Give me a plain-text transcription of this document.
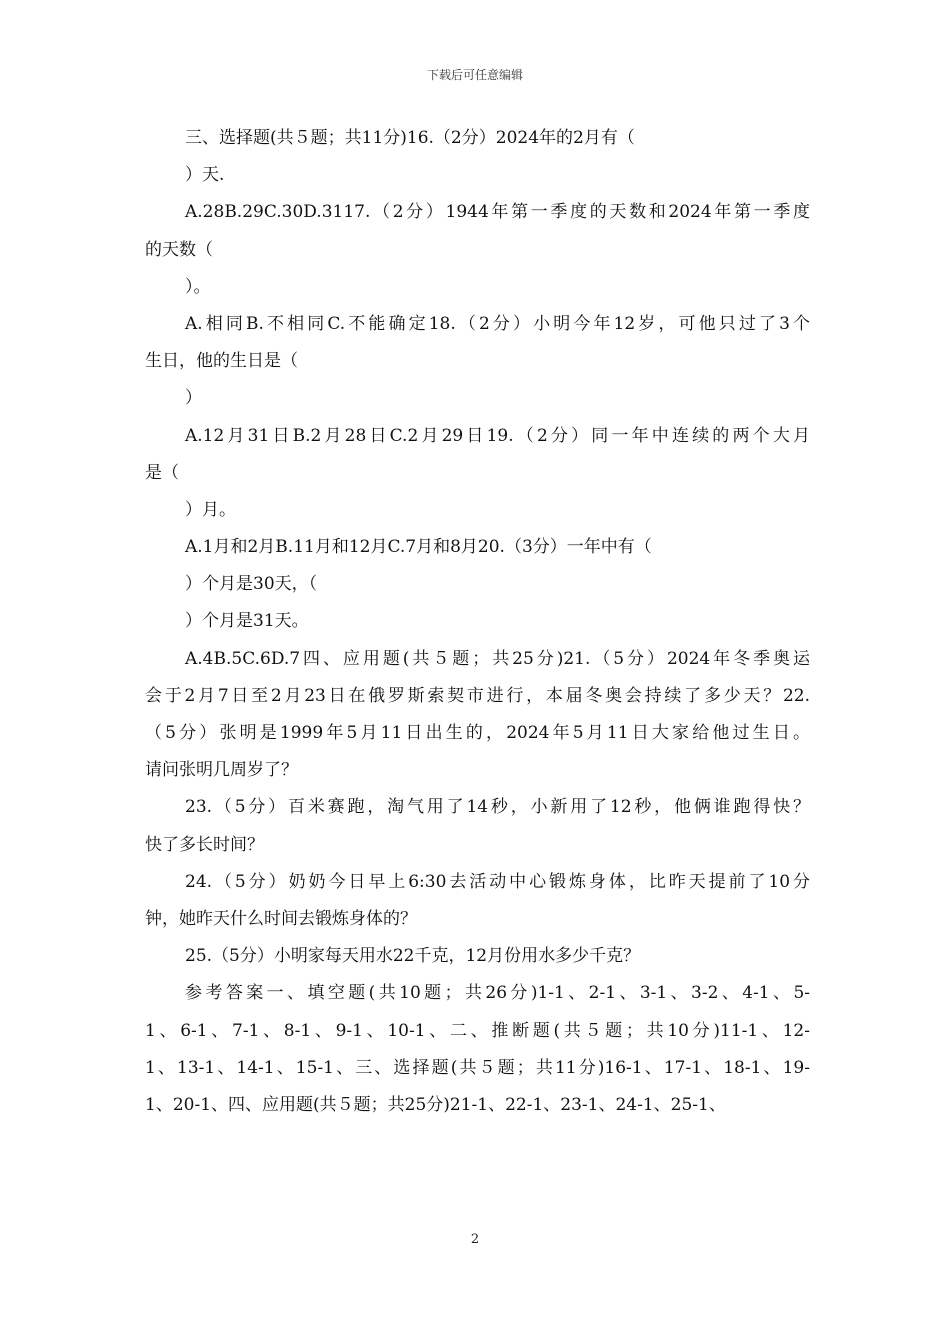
下载后可任意编辑
三、选择题(共５题；共11分)16.（2分）2024年的2月有（
）天.
A.28B.29C.30D.3117.（2分）1944年第一季度的天数和2024年第一季度
的天数（
）。
A.相同B.不相同C.不能确定18.（2分）小明今年12岁，可他只过了3个
生日，他的生日是（
）
A.12月31日B.2月28日C.2月29日19.（2分）同一年中连续的两个大月
是（
）月。
A.1月和2月B.11月和12月C.7月和8月20.（3分）一年中有（
）个月是30天，（
）个月是31天。
A.4B.5C.6D.7四、应用题(共５题；共25分)21.（5分）2024年冬季奥运
会于2月7日至2月23日在俄罗斯索契市进行，本届冬奥会持续了多少天？22.
（5分）张明是1999年5月11日出生的，2024年5月11日大家给他过生日。
请问张明几周岁了？
23.（5分）百米赛跑，淘气用了14秒，小新用了12秒，他俩谁跑得快？
快了多长时间？
24.（5分）奶奶今日早上6:30去活动中心锻炼身体，比昨天提前了10分
钟，她昨天什么时间去锻炼身体的？
25.（5分）小明家每天用水22千克，12月份用水多少千克？
参考答案一、填空题(共10题；共26分)1-1、2-1、3-1、3-2、4-1、5-
1、6-1、7-1、8-1、9-1、10-1、二、推断题(共５题；共10分)11-1、12-
1、13-1、14-1、15-1、三、选择题(共５题；共11分)16-1、17-1、18-1、19-
1、20-1、四、应用题(共５题；共25分)21-1、22-1、23-1、24-1、25-1、
2
